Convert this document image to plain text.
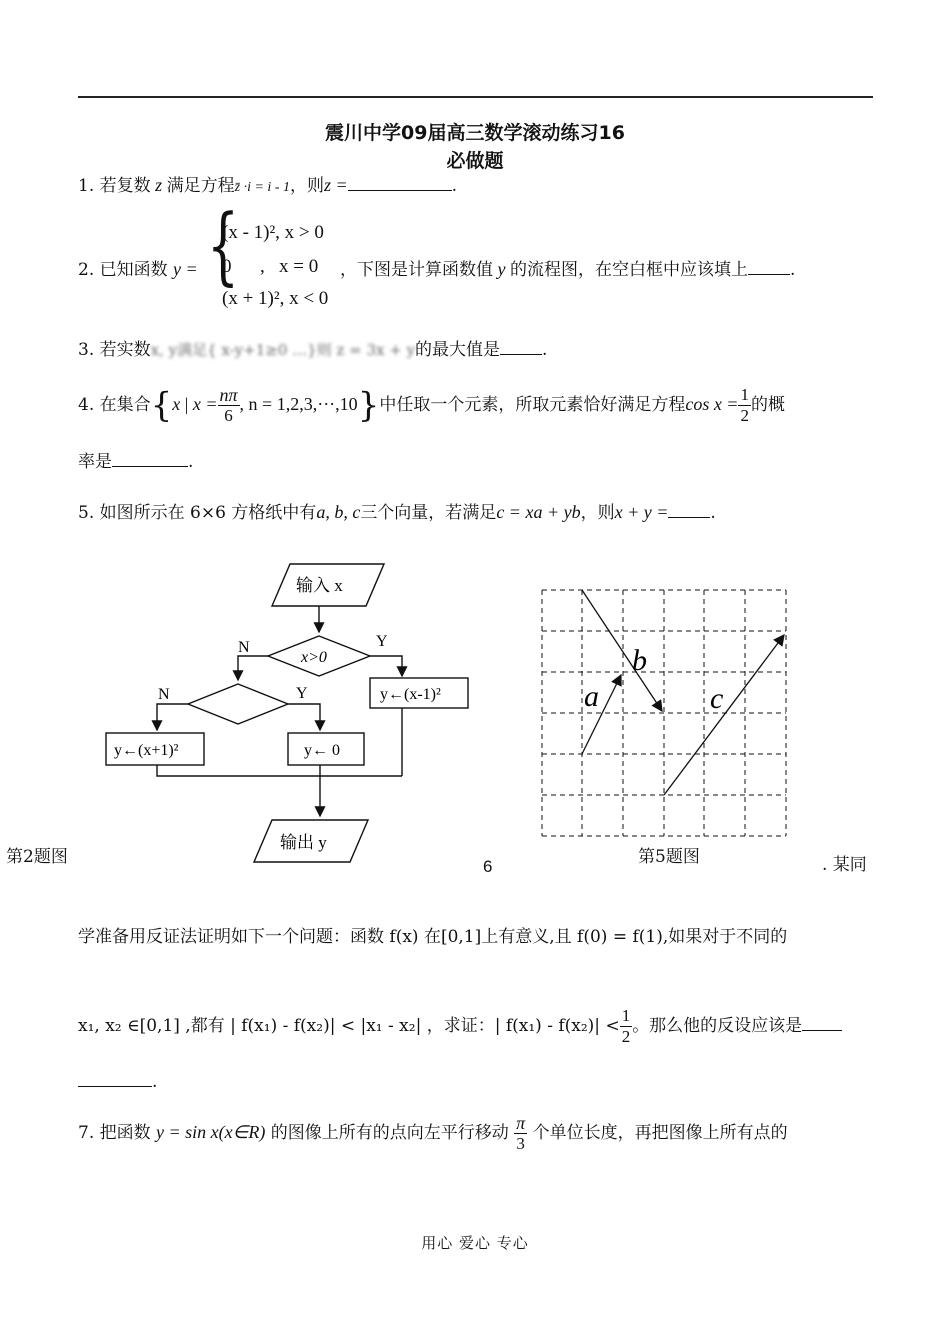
震川中学09届高三数学滚动练习16
必做题
1. 若复数 z 满足方程z̄ ·i = i - 1，则z =	.
2. 已知函数 y = {
(x - 1)², x > 0
0      ,   x = 0
(x + 1)², x < 0
，下图是计算函数值 y 的流程图，在空白框中应该填上 .
3. 若实数x, y满足{ x-y+1≥0 …}则 z = 3x + y的最大值是 .
4. 在集合{x | $x = \frac{n\pi}{6}$ , n = 1,2,3,···,10}中任取一个元素，所取元素恰好满足方程$\cos x = \frac{1}{2}$ 的概
率是	.
5. 如图所示在 6×6 方格纸中有a, b, c三个向量，若满足c = xa + yb，则x + y = .
输入 x
x>0
Y
N
N	Y	y←(x-1)²
y←(x+1)²	y← 0
输出 y
第2题图
a
b
c
第5题图
6	. 某同
学准备用反证法证明如下一个问题：函数 f(x) 在[0,1]上有意义,且 f(0) = f(1),如果对于不同的
x₁, x₂ ∈[0,1] ,都有 | f(x₁) - f(x₂)| < |x₁ - x₂| ，求证：| $f(x_1) - f(x_2)| < \frac{1}{2}$ 。那么他的反设应该是
.
7. 把函数 y = sin x(x∈R) 的图像上所有的点向左平行移动 $\frac{\pi}{3}$ 个单位长度，再把图像上所有点的
用心 爱心 专心
